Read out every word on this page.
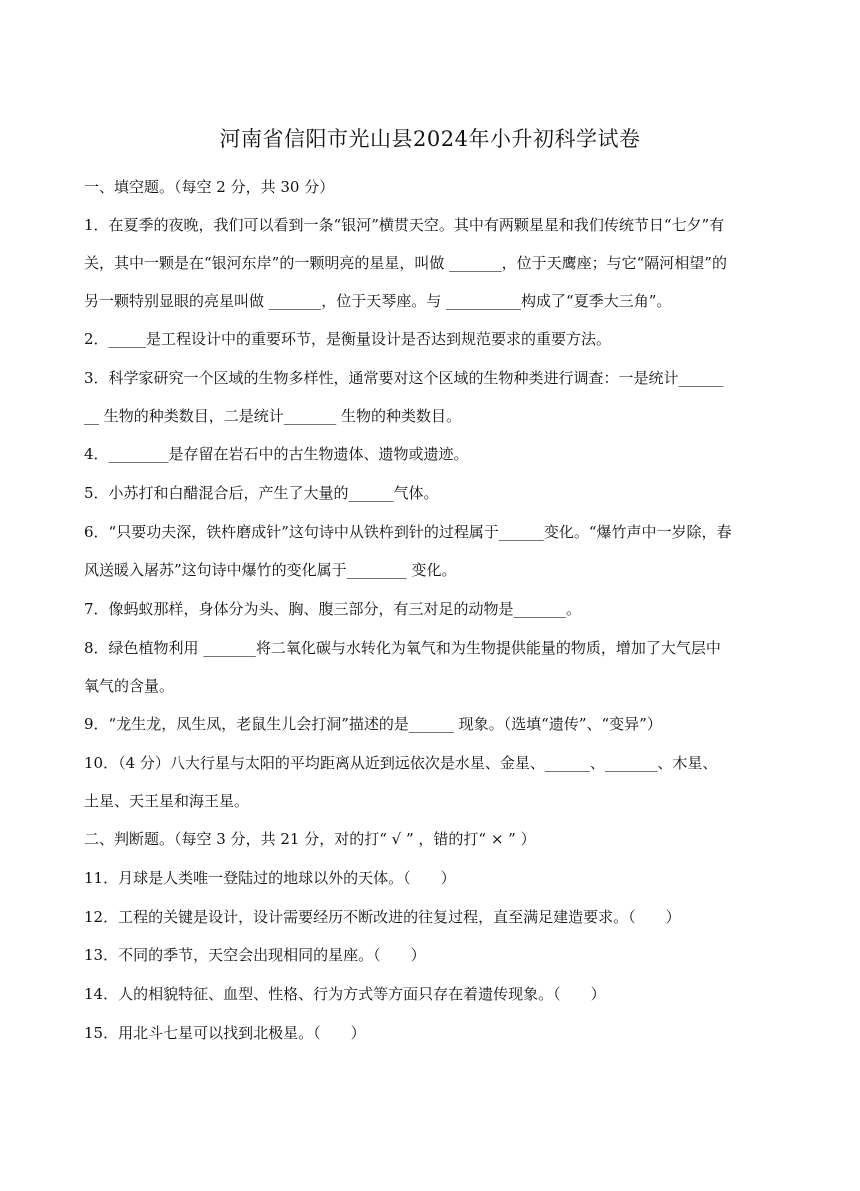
河南省信阳市光山县2024年小升初科学试卷
一、填空题。（每空 2 分，共 30 分）
1．在夏季的夜晚，我们可以看到一条“银河”横贯天空。其中有两颗星星和我们传统节日“七夕”有
关，其中一颗是在“银河东岸”的一颗明亮的星星，叫做 _______，位于天鹰座；与它“隔河相望”的
另一颗特别显眼的亮星叫做 _______，位于天琴座。与 __________构成了“夏季大三角”。
2．_____是工程设计中的重要环节，是衡量设计是否达到规范要求的重要方法。
3．科学家研究一个区域的生物多样性，通常要对这个区域的生物种类进行调查：一是统计______
__ 生物的种类数目，二是统计_______ 生物的种类数目。
4．________是存留在岩石中的古生物遗体、遗物或遗迹。
5．小苏打和白醋混合后，产生了大量的______气体。
6．“只要功夫深，铁杵磨成针”这句诗中从铁杵到针的过程属于______变化。“爆竹声中一岁除，春
风送暖入屠苏”这句诗中爆竹的变化属于________ 变化。
7．像蚂蚁那样，身体分为头、胸、腹三部分，有三对足的动物是_______。
8．绿色植物利用 _______将二氧化碳与水转化为氧气和为生物提供能量的物质，增加了大气层中
氧气的含量。
9．“龙生龙，凤生凤，老鼠生儿会打洞”描述的是______ 现象。（选填“遗传”、“变异”）
10．（4 分）八大行星与太阳的平均距离从近到远依次是水星、金星、______、_______、木星、
土星、天王星和海王星。
二、判断题。（每空 3 分，共 21 分，对的打“ √ ” ，错的打“ × ” ）
11．月球是人类唯一登陆过的地球以外的天体。（　　）
12．工程的关键是设计，设计需要经历不断改进的往复过程，直至满足建造要求。（　　）
13．不同的季节，天空会出现相同的星座。（　　）
14．人的相貌特征、血型、性格、行为方式等方面只存在着遗传现象。（　　）
15．用北斗七星可以找到北极星。（　　）
